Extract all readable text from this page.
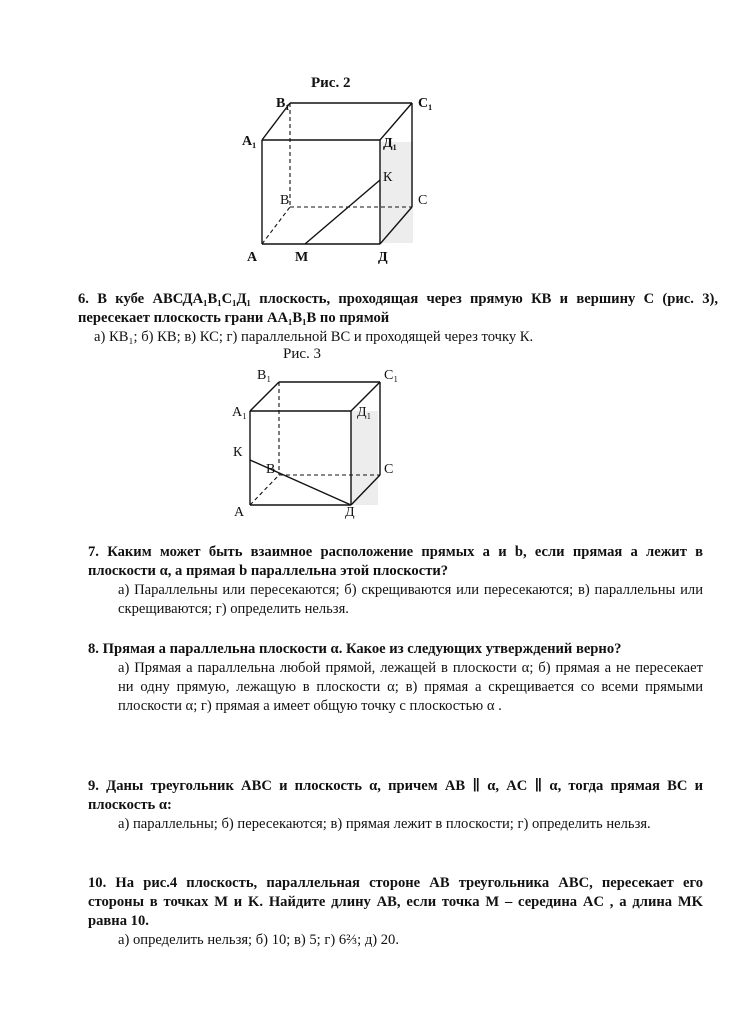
Рис. 2
В₁	С₁
А₁	Д₁
К
В	С
А	М	Д
6. В кубе АВСДА₁В₁С₁Д₁ плоскость, проходящая через прямую КВ и вершину С (рис. 3), пересекает плоскость грани АА₁В₁В по прямой
а) КВ₁; б) КВ; в) КС; г) параллельной ВС и проходящей через точку К.
Рис. 3
В₁	С₁
А₁	Д₁
К
В	С
А	Д
7. Каким может быть взаимное расположение прямых a и b, если прямая a лежит в плоскости α, а прямая b параллельна этой плоскости?
а) Параллельны или пересекаются; б) скрещиваются или пересекаются; в) параллельны или скрещиваются; г) определить нельзя.
8. Прямая a параллельна плоскости α. Какое из следующих утверждений верно?
а) Прямая a параллельна любой прямой, лежащей в плоскости α; б) прямая a не пересекает ни одну прямую, лежащую в плоскости α; в) прямая a скрещивается со всеми прямыми плоскости α; г) прямая a имеет общую точку с плоскостью α .
9. Даны треугольник ABC и плоскость α, причем AB ∥ α, AC ∥ α, тогда прямая BC и плоскость α:
а) параллельны; б) пересекаются; в) прямая лежит в плоскости; г) определить нельзя.
10. На рис.4 плоскость, параллельная стороне AB треугольника ABC, пересекает его стороны в точках M и K. Найдите длину AB, если точка M – середина AC , а длина MK равна 10.
а) определить нельзя; б) 10; в) 5; г) 6⅔; д) 20.
